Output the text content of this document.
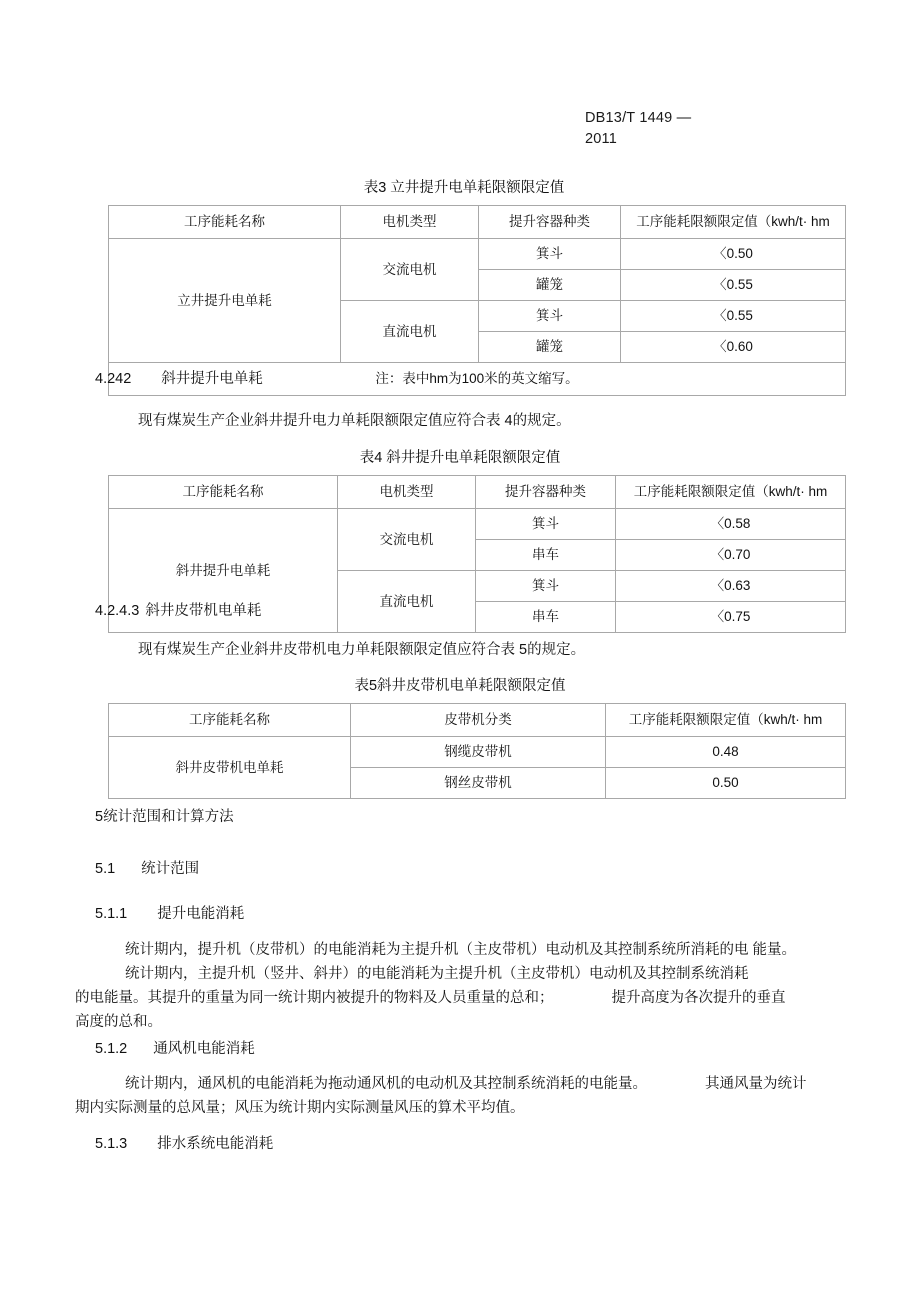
DB13/T 1449 —
2011
表3 立井提升电单耗限额限定值
工序能耗名称	电机类型	提升容器种类	工序能耗限额限定值（kwh/t· hm
立井提升电单耗	交流电机	箕斗	〈0.50
		罐笼	〈0.55
	直流电机	箕斗	〈0.55
		罐笼	〈0.60
注：表中hm为100米的英文缩写。			
4.242 斜井提升电单耗

现有煤炭生产企业斜井提升电力单耗限额限定值应符合表 4的规定。

表4 斜井提升电单耗限额限定值
工序能耗名称	电机类型	提升容器种类	工序能耗限额限定值（kwh/t· hm
斜井提升电单耗	交流电机	箕斗	〈0.58
		串车	〈0.70
	直流电机	箕斗	〈0.63
		串车	〈0.75
4.2.4.3 斜井皮带机电单耗

现有煤炭生产企业斜井皮带机电力单耗限额限定值应符合表 5的规定。

表5斜井皮带机电单耗限额限定值
工序能耗名称	皮带机分类	工序能耗限额限定值（kwh/t· hm
斜井皮带机电单耗	钢缆皮带机	0.48
	钢丝皮带机	0.50
5统计范围和计算方法
5.1 统计范围
5.1.1 提升电能消耗

统计期内，提升机（皮带机）的电能消耗为主提升机（主皮带机）电动机及其控制系统所消耗的电 能量。

统计期内，主提升机（竖井、斜井）的电能消耗为主提升机（主皮带机）电动机及其控制系统消耗

的电能量。其提升的重量为同一统计期内被提升的物料及人员重量的总和；	提升高度为各次提升的垂直

高度的总和。

5.1.2 通风机电能消耗

统计期内，通风机的电能消耗为拖动通风机的电动机及其控制系统消耗的电能量。	其通风量为统计

期内实际测量的总风量；风压为统计期内实际测量风压的算术平均值。

5.1.3 排水系统电能消耗
